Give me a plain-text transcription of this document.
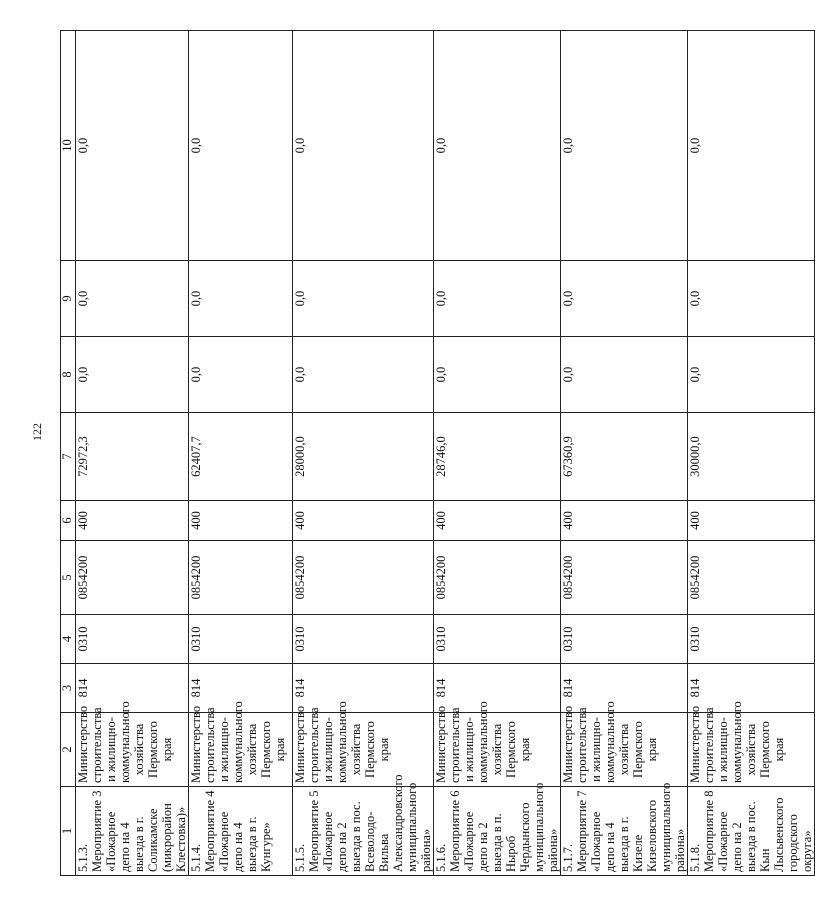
122
1	2	3	4	5	6	7	8	9	10
5.1.3. Мероприятие 3 «Пожарное депо на 4 выезда в г. Соликамске (микрорайон Клестовка)»	Министерство строительства и жилищно-коммунального хозяйства Пермского края	814	0310	0854200	400	72972,3	0,0	0,0	0,0
5.1.4. Мероприятие 4 «Пожарное депо на 4 выезда в г. Кунгуре»	Министерство строительства и жилищно-коммунального хозяйства Пермского края	814	0310	0854200	400	62407,7	0,0	0,0	0,0
5.1.5. Мероприятие 5 «Пожарное депо на 2 выезда в пос. Всеволодо-Вильва Александровского муниципального района»	Министерство строительства и жилищно-коммунального хозяйства Пермского края	814	0310	0854200	400	28000,0	0,0	0,0	0,0
5.1.6. Мероприятие 6 «Пожарное депо на 2 выезда в п. Ныроб Чердынского муниципального района»	Министерство строительства и жилищно-коммунального хозяйства Пермского края	814	0310	0854200	400	28746,0	0,0	0,0	0,0
5.1.7. Мероприятие 7 «Пожарное депо на 4 выезда в г. Кизеле Кизеловского муниципального района»	Министерство строительства и жилищно-коммунального хозяйства Пермского края	814	0310	0854200	400	67360,9	0,0	0,0	0,0
5.1.8. Мероприятие 8 «Пожарное депо на 2 выезда в пос. Кын Лысьвенского городского округа»	Министерство строительства и жилищно-коммунального хозяйства Пермского края	814	0310	0854200	400	30000,0	0,0	0,0	0,0
